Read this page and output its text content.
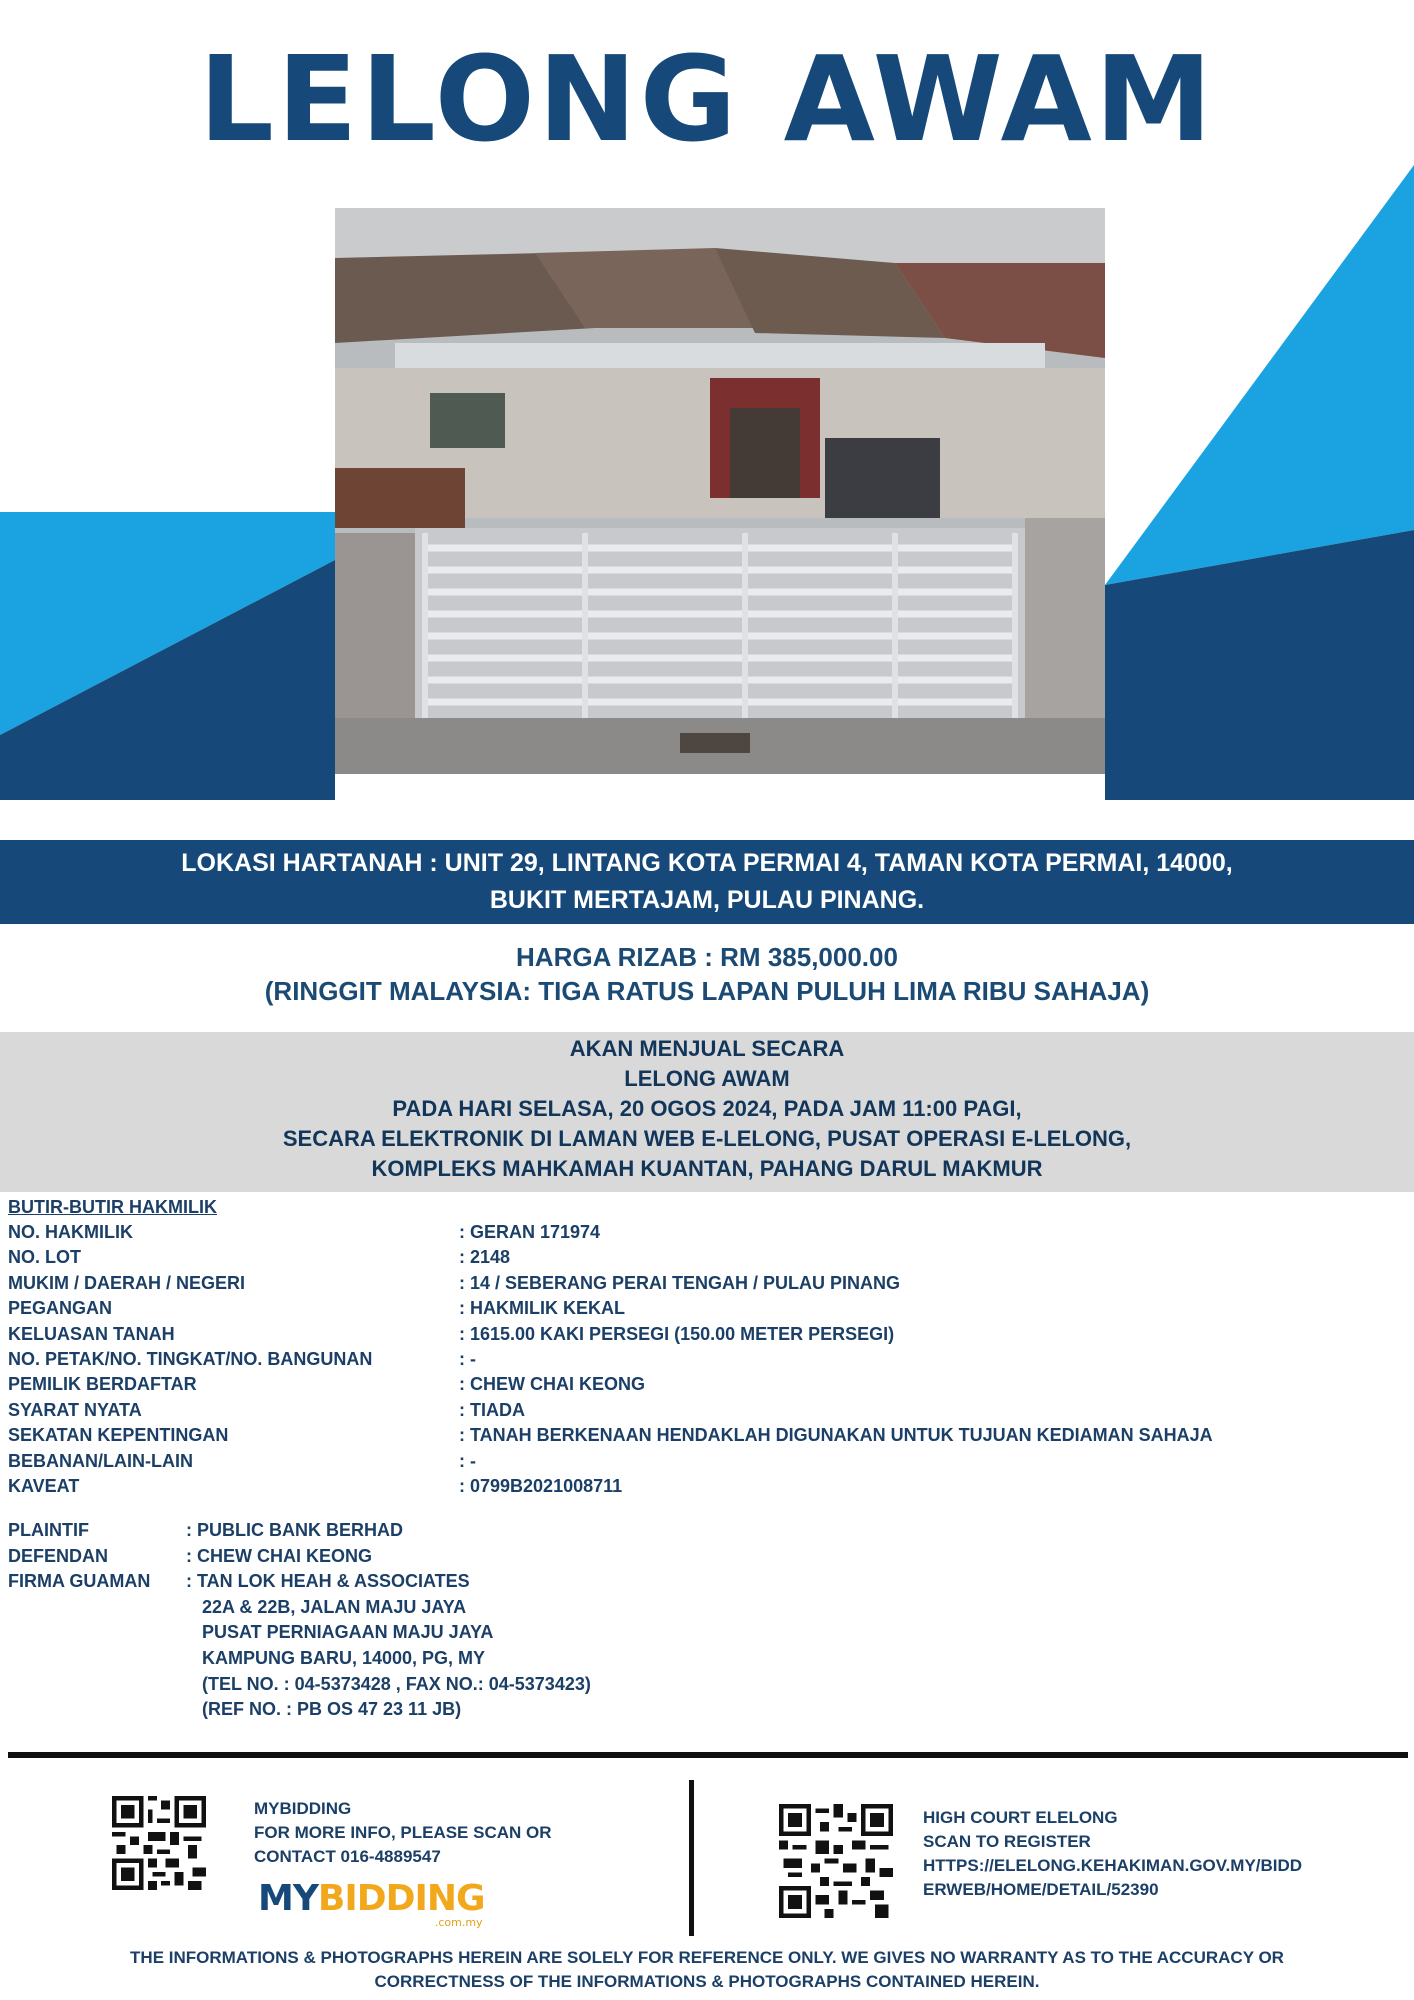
LELONG AWAM
LOKASI HARTANAH : UNIT 29, LINTANG KOTA PERMAI 4, TAMAN KOTA PERMAI, 14000,
BUKIT MERTAJAM, PULAU PINANG.
HARGA RIZAB : RM 385,000.00
(RINGGIT MALAYSIA: TIGA RATUS LAPAN PULUH LIMA RIBU SAHAJA)
AKAN MENJUAL SECARA
LELONG AWAM
PADA HARI SELASA, 20 OGOS 2024, PADA JAM 11:00 PAGI,
SECARA ELEKTRONIK DI LAMAN WEB E-LELONG, PUSAT OPERASI E-LELONG,
KOMPLEKS MAHKAMAH KUANTAN, PAHANG DARUL MAKMUR
BUTIR-BUTIR HAKMILIK
NO. HAKMILIK	: GERAN 171974
NO. LOT	: 2148
MUKIM / DAERAH / NEGERI	: 14 / SEBERANG PERAI TENGAH / PULAU PINANG
PEGANGAN	: HAKMILIK KEKAL
KELUASAN TANAH	: 1615.00 KAKI PERSEGI (150.00 METER PERSEGI)
NO. PETAK/NO. TINGKAT/NO. BANGUNAN	: -
PEMILIK BERDAFTAR	: CHEW CHAI KEONG
SYARAT NYATA	: TIADA
SEKATAN KEPENTINGAN	: TANAH BERKENAAN HENDAKLAH DIGUNAKAN UNTUK TUJUAN KEDIAMAN SAHAJA
BEBANAN/LAIN-LAIN	: -
KAVEAT	: 0799B2021008711
PLAINTIF	: PUBLIC BANK BERHAD
DEFENDAN	: CHEW CHAI KEONG
FIRMA GUAMAN	: TAN LOK HEAH & ASSOCIATES
22A & 22B, JALAN MAJU JAYA
PUSAT PERNIAGAAN MAJU JAYA
KAMPUNG BARU, 14000, PG, MY
(TEL NO. : 04-5373428 , FAX NO.: 04-5373423)
(REF NO. : PB OS 47 23 11 JB)
MYBIDDING
FOR MORE INFO, PLEASE SCAN OR
CONTACT 016-4889547
MYBIDDING
.com.my
HIGH COURT ELELONG
SCAN TO REGISTER
HTTPS://ELELONG.KEHAKIMAN.GOV.MY/BIDD
ERWEB/HOME/DETAIL/52390
THE INFORMATIONS & PHOTOGRAPHS HEREIN ARE SOLELY FOR REFERENCE ONLY. WE GIVES NO WARRANTY AS TO THE ACCURACY OR
CORRECTNESS OF THE INFORMATIONS & PHOTOGRAPHS CONTAINED HEREIN.
